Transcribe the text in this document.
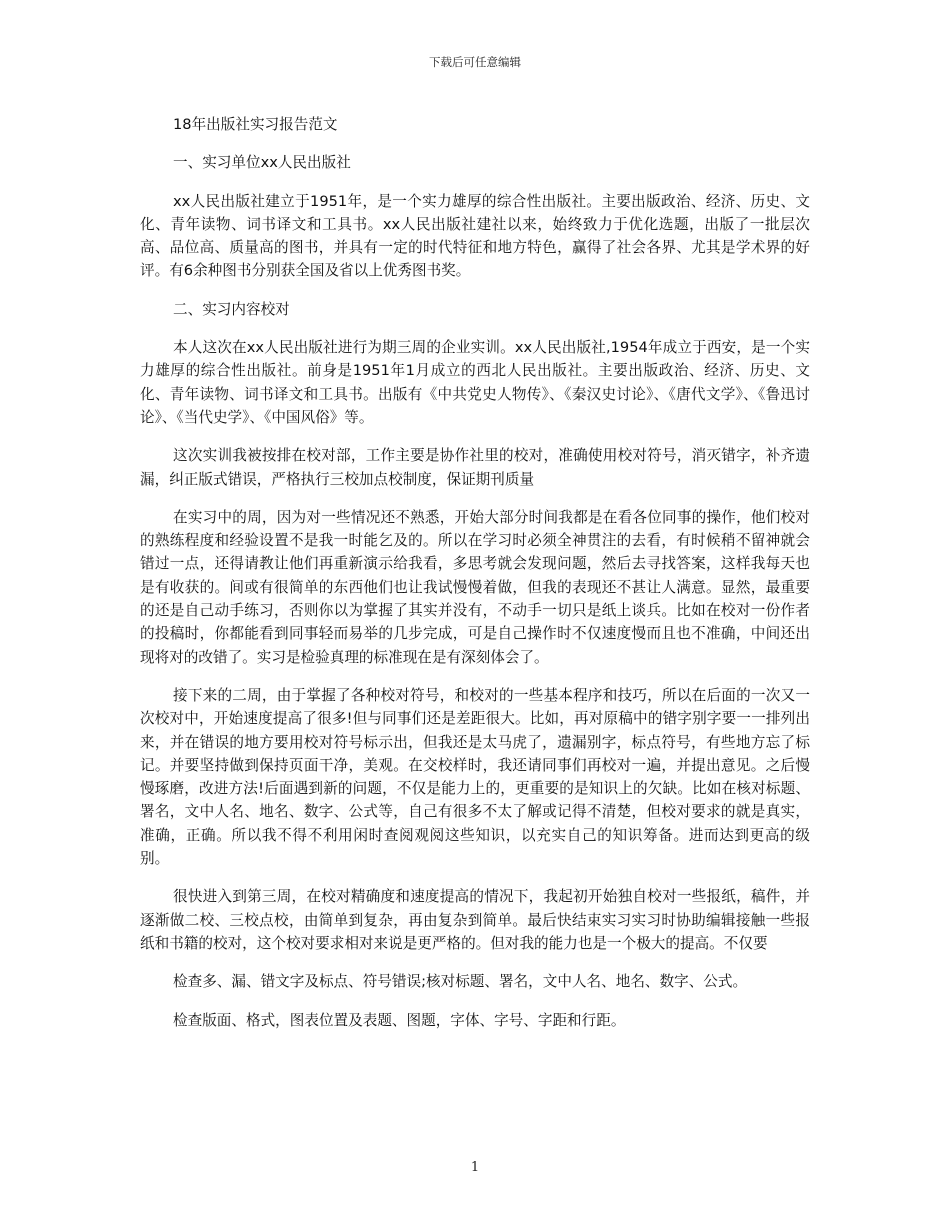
下载后可任意编辑

18年出版社实习报告范文

一、实习单位xx人民出版社

xx人民出版社建立于1951年，是一个实力雄厚的综合性出版社。主要出版政治、经济、历史、文化、青年读物、词书译文和工具书。xx人民出版社建社以来，始终致力于优化选题，出版了一批层次高、品位高、质量高的图书，并具有一定的时代特征和地方特色，赢得了社会各界、尤其是学术界的好评。有6余种图书分别获全国及省以上优秀图书奖。

二、实习内容校对

本人这次在xx人民出版社进行为期三周的企业实训。xx人民出版社,1954年成立于西安，是一个实力雄厚的综合性出版社。前身是1951年1月成立的西北人民出版社。主要出版政治、经济、历史、文化、青年读物、词书译文和工具书。出版有《中共党史人物传》、《秦汉史讨论》、《唐代文学》、《鲁迅讨论》、《当代史学》、《中国风俗》等。

这次实训我被按排在校对部，工作主要是协作社里的校对，准确使用校对符号，消灭错字，补齐遗漏，纠正版式错误，严格执行三校加点校制度，保证期刊质量

在实习中的周，因为对一些情况还不熟悉，开始大部分时间我都是在看各位同事的操作，他们校对的熟练程度和经验设置不是我一时能乞及的。所以在学习时必须全神贯注的去看，有时候稍不留神就会错过一点，还得请教让他们再重新演示给我看，多思考就会发现问题，然后去寻找答案，这样我每天也是有收获的。间或有很简单的东西他们也让我试慢慢着做，但我的表现还不甚让人满意。显然，最重要的还是自己动手练习，否则你以为掌握了其实并没有，不动手一切只是纸上谈兵。比如在校对一份作者的投稿时，你都能看到同事轻而易举的几步完成，可是自己操作时不仅速度慢而且也不准确，中间还出现将对的改错了。实习是检验真理的标准现在是有深刻体会了。

接下来的二周，由于掌握了各种校对符号，和校对的一些基本程序和技巧，所以在后面的一次又一次校对中，开始速度提高了很多!但与同事们还是差距很大。比如，再对原稿中的错字别字要一一排列出来，并在错误的地方要用校对符号标示出，但我还是太马虎了，遗漏别字，标点符号，有些地方忘了标记。并要坚持做到保持页面干净，美观。在交校样时，我还请同事们再校对一遍，并提出意见。之后慢慢琢磨，改进方法!后面遇到新的问题，不仅是能力上的，更重要的是知识上的欠缺。比如在核对标题、署名，文中人名、地名、数字、公式等，自己有很多不太了解或记得不清楚，但校对要求的就是真实，准确，正确。所以我不得不利用闲时查阅观阅这些知识，以充实自己的知识筹备。进而达到更高的级别。

很快进入到第三周，在校对精确度和速度提高的情况下，我起初开始独自校对一些报纸，稿件，并逐渐做二校、三校点校，由简单到复杂，再由复杂到简单。最后快结束实习实习时协助编辑接触一些报纸和书籍的校对，这个校对要求相对来说是更严格的。但对我的能力也是一个极大的提高。不仅要

检查多、漏、错文字及标点、符号错误;核对标题、署名，文中人名、地名、数字、公式。

检查版面、格式，图表位置及表题、图题，字体、字号、字距和行距。

1
